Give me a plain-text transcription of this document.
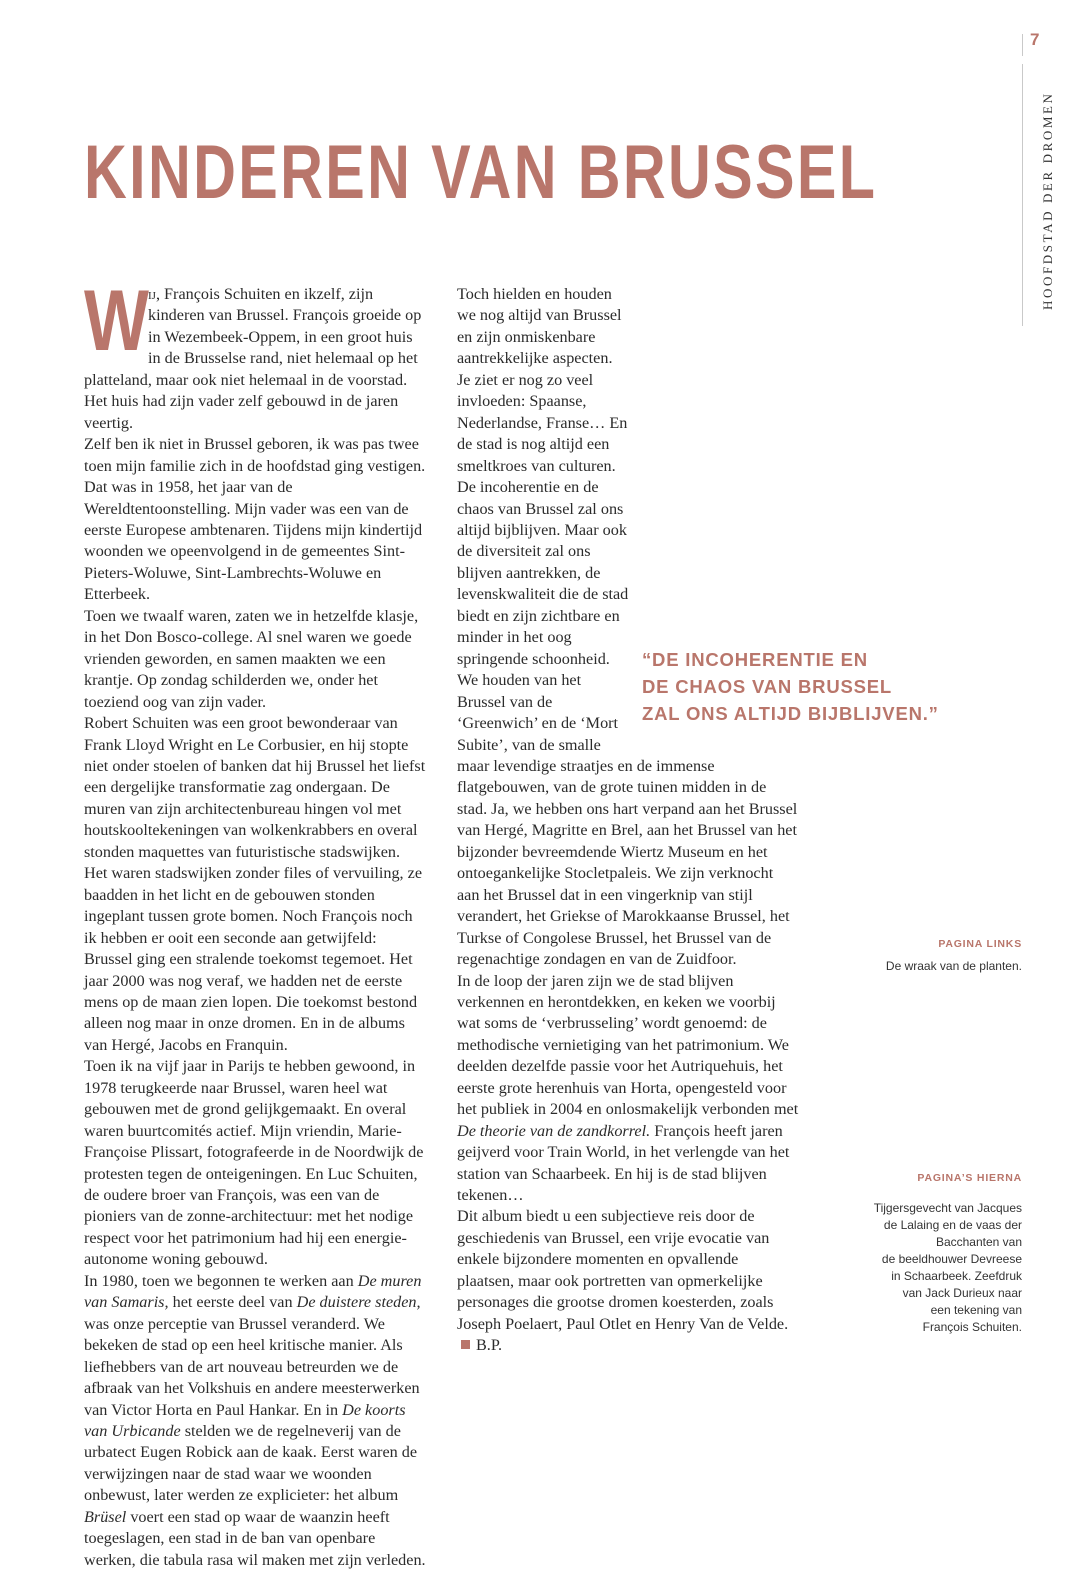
7
HOOFDSTAD DER DROMEN
KINDEREN VAN BRUSSEL
W ij, François Schuiten en ikzelf, zijn kinderen van Brussel. François groeide op in Wezembeek-Oppem, in een groot huis in de Brusselse rand, niet helemaal op het platteland, maar ook niet helemaal in de voorstad. Het huis had zijn vader zelf gebouwd in de jaren veertig.

Zelf ben ik niet in Brussel geboren, ik was pas twee toen mijn familie zich in de hoofdstad ging vestigen. Dat was in 1958, het jaar van de Wereldtentoonstelling. Mijn vader was een van de eerste Europese ambtenaren. Tijdens mijn kindertijd woonden we opeenvolgend in de gemeentes Sint-Pieters-Woluwe, Sint-Lambrechts-Woluwe en Etterbeek.

Toen we twaalf waren, zaten we in hetzelfde klasje, in het Don Bosco-college. Al snel waren we goede vrienden geworden, en samen maakten we een krantje. Op zondag schilderden we, onder het toeziend oog van zijn vader.

Robert Schuiten was een groot bewonderaar van Frank Lloyd Wright en Le Corbusier, en hij stopte niet onder stoelen of banken dat hij Brussel het liefst een dergelijke transformatie zag ondergaan. De muren van zijn architectenbureau hingen vol met houtskooltekeningen van wolkenkrabbers en overal stonden maquettes van futuristische stadswijken. Het waren stadswijken zonder files of vervuiling, ze baadden in het licht en de gebouwen stonden ingeplant tussen grote bomen. Noch François noch ik hebben er ooit een seconde aan getwijfeld: Brussel ging een stralende toekomst tegemoet. Het jaar 2000 was nog veraf, we hadden net de eerste mens op de maan zien lopen. Die toekomst bestond alleen nog maar in onze dromen. En in de albums van Hergé, Jacobs en Franquin.

Toen ik na vijf jaar in Parijs te hebben gewoond, in 1978 terugkeerde naar Brussel, waren heel wat gebouwen met de grond gelijkgemaakt. En overal waren buurtcomités actief. Mijn vriendin, Marie-Françoise Plissart, fotografeerde in de Noordwijk de protesten tegen de onteigeningen. En Luc Schuiten, de oudere broer van François, was een van de pioniers van de zonne-architectuur: met het nodige respect voor het patrimonium had hij een energie-autonome woning gebouwd.

In 1980, toen we begonnen te werken aan De muren van Samaris, het eerste deel van De duistere steden, was onze perceptie van Brussel veranderd. We bekeken de stad op een heel kritische manier. Als liefhebbers van de art nouveau betreurden we de afbraak van het Volkshuis en andere meesterwerken van Victor Horta en Paul Hankar. En in De koorts van Urbicande stelden we de regelneverij van de urbatect Eugen Robick aan de kaak. Eerst waren de verwijzingen naar de stad waar we woonden onbewust, later werden ze explicieter: het album Brüsel voert een stad op waar de waanzin heeft toegeslagen, een stad in de ban van openbare werken, die tabula rasa wil maken met zijn verleden.

Toch hielden en houden we nog altijd van Brussel en zijn onmiskenbare aantrekkelijke aspecten. Je ziet er nog zo veel invloeden: Spaanse, Nederlandse, Franse… En de stad is nog altijd een smeltkroes van culturen. De incoherentie en de chaos van Brussel zal ons altijd bijblijven. Maar ook de diversiteit zal ons blijven aantrekken, de levenskwaliteit die de stad biedt en zijn zichtbare en minder in het oog springende schoonheid. We houden van het Brussel van de ‘Greenwich’ en de ‘Mort Subite’, van de smalle maar levendige straatjes en de immense flatgebouwen, van de grote tuinen midden in de stad. Ja, we hebben ons hart verpand aan het Brussel van Hergé, Magritte en Brel, aan het Brussel van het bijzonder bevreemdende Wiertz Museum en het ontoegankelijke Stocletpaleis. We zijn verknocht aan het Brussel dat in een vingerknip van stijl verandert, het Griekse of Marokkaanse Brussel, het Turkse of Congolese Brussel, het Brussel van de regenachtige zondagen en van de Zuidfoor.

In de loop der jaren zijn we de stad blijven verkennen en herontdekken, en keken we voorbij wat soms de ‘verbrusseling’ wordt genoemd: de methodische vernietiging van het patrimonium. We deelden dezelfde passie voor het Autriquehuis, het eerste grote herenhuis van Horta, opengesteld voor het publiek in 2004 en onlosmakelijk verbonden met De theorie van de zandkorrel. François heeft jaren geijverd voor Train World, in het verlengde van het station van Schaarbeek. En hij is de stad blijven tekenen…

Dit album biedt u een subjectieve reis door de geschiedenis van Brussel, een vrije evocatie van enkele bijzondere momenten en opvallende plaatsen, maar ook portretten van opmerkelijke personages die grootse dromen koesterden, zoals Joseph Poelaert, Paul Otlet en Henry Van de Velde.B.P.

“DE INCOHERENTIE EN
DE CHAOS VAN BRUSSEL
ZAL ONS ALTIJD BIJBLIJVEN.”
PAGINA LINKS
De wraak van de planten.
PAGINA’S HIERNA
Tijgersgevecht van Jacques
de Lalaing en de vaas der
Bacchanten van
de beeldhouwer Devreese
in Schaarbeek. Zeefdruk
van Jack Durieux naar
een tekening van
François Schuiten.
